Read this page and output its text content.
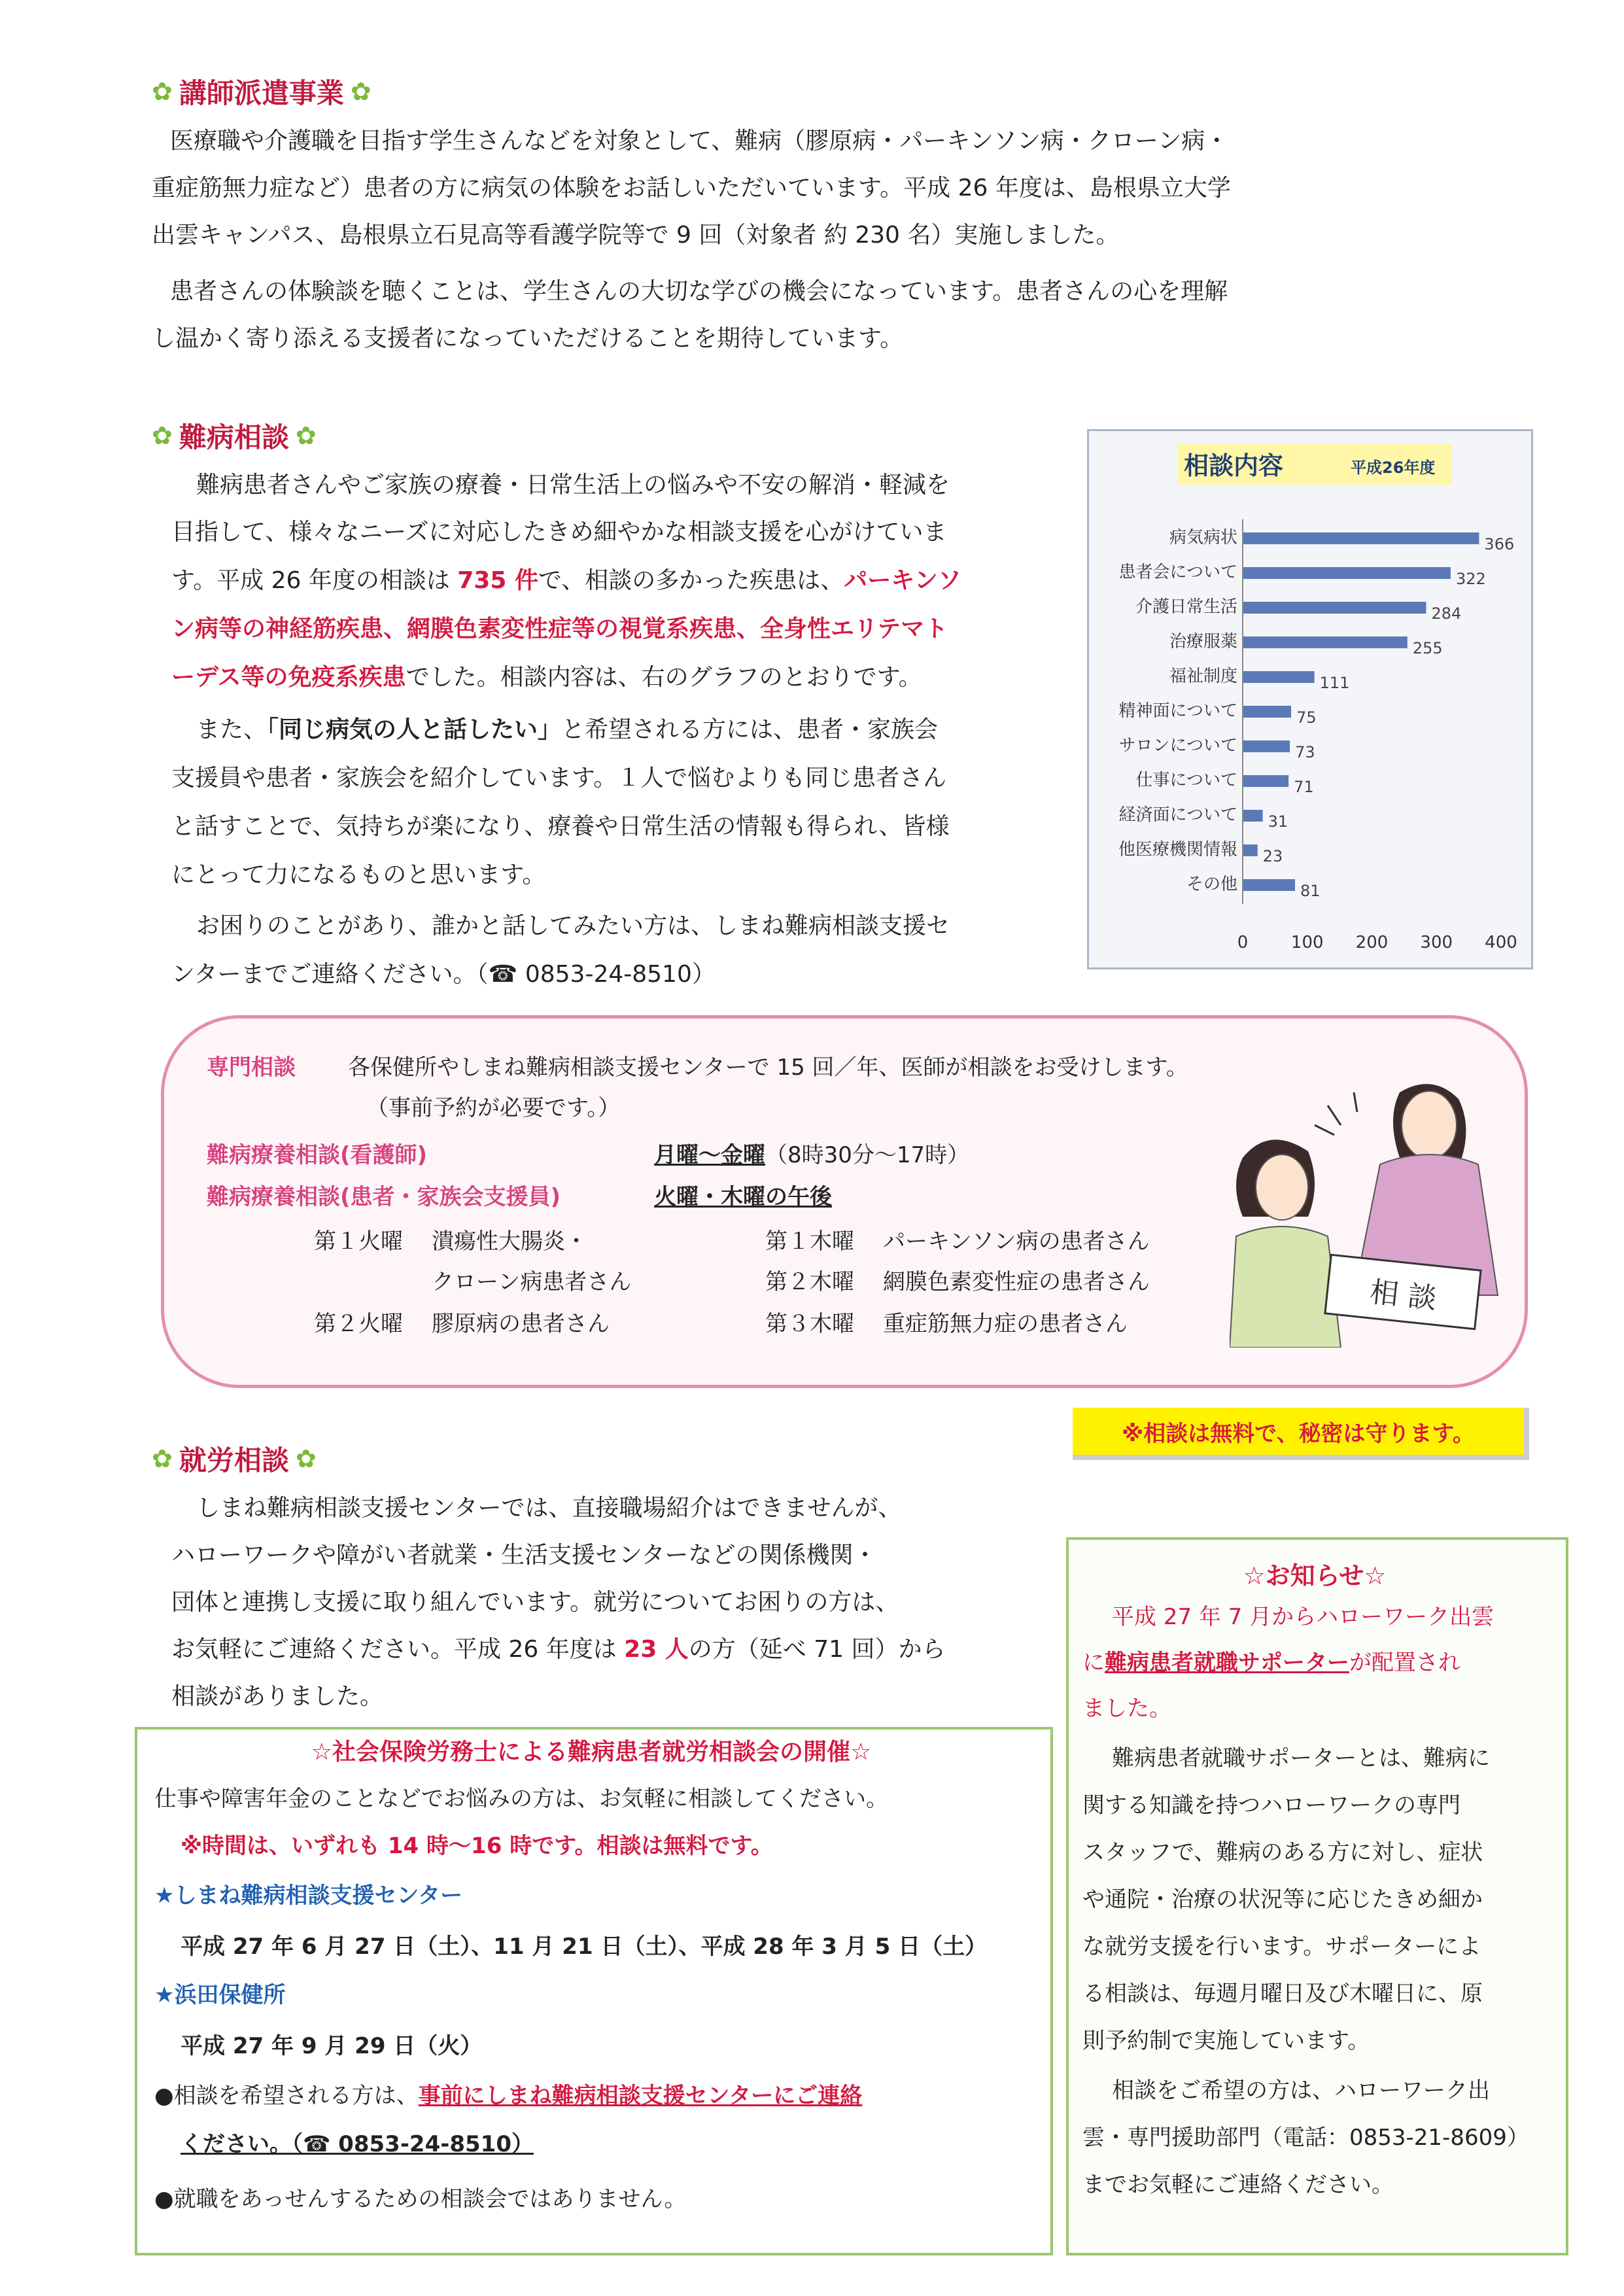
✿ 講師派遣事業 ✿
医療職や介護職を目指す学生さんなどを対象として、難病（膠原病・パーキンソン病・クローン病・
重症筋無力症など）患者の方に病気の体験をお話しいただいています。平成 26 年度は、島根県立大学
出雲キャンパス、島根県立石見高等看護学院等で 9 回（対象者 約 230 名）実施しました。
患者さんの体験談を聴くことは、学生さんの大切な学びの機会になっています。患者さんの心を理解
し温かく寄り添える支援者になっていただけることを期待しています。
✿ 難病相談 ✿
難病患者さんやご家族の療養・日常生活上の悩みや不安の解消・軽減を
目指して、様々なニーズに対応したきめ細やかな相談支援を心がけていま
す。平成 26 年度の相談は 735 件で、相談の多かった疾患は、パーキンソ
ン病等の神経筋疾患、網膜色素変性症等の視覚系疾患、全身性エリテマト
ーデス等の免疫系疾患でした。相談内容は、右のグラフのとおりです。
また、「同じ病気の人と話したい」と希望される方には、患者・家族会
支援員や患者・家族会を紹介しています。１人で悩むよりも同じ患者さん
と話すことで、気持ちが楽になり、療養や日常生活の情報も得られ、皆様
にとって力になるものと思います。
お困りのことがあり、誰かと話してみたい方は、しまね難病相談支援セ
ンターまでご連絡ください。（☎ 0853-24-8510）
相談内容	平成26年度
病気病状	366
患者会について	322
介護日常生活	284
治療服薬	255
福祉制度	111
精神面について	75
サロンについて	73
仕事について	71
経済面について 31
他医療機関情報 23
その他	81
0	100 200 300 400
専門相談 各保健所やしまね難病相談支援センターで 15 回／年、医師が相談をお受けします。
（事前予約が必要です。）
難病療養相談(看護師)	月曜～金曜（8時30分～17時）
難病療養相談(患者・家族会支援員)	火曜・木曜の午後
第１火曜 潰瘍性大腸炎・
クローン病患者さん
第２火曜 膠原病の患者さん
第１木曜 パーキンソン病の患者さん
第２木曜 網膜色素変性症の患者さん
第３木曜 重症筋無力症の患者さん
相 談
※相談は無料で、秘密は守ります。
✿ 就労相談 ✿
しまね難病相談支援センターでは、直接職場紹介はできませんが、
ハローワークや障がい者就業・生活支援センターなどの関係機関・
団体と連携し支援に取り組んでいます。就労についてお困りの方は、
お気軽にご連絡ください。平成 26 年度は 23 人の方（延べ 71 回）から
相談がありました。
☆社会保険労務士による難病患者就労相談会の開催☆
仕事や障害年金のことなどでお悩みの方は、お気軽に相談してください。
※時間は、いずれも 14 時～16 時です。相談は無料です。
★しまね難病相談支援センター
平成 27 年 6 月 27 日（土）、11 月 21 日（土）、平成 28 年 3 月 5 日（土）
★浜田保健所
平成 27 年 9 月 29 日（火）
●相談を希望される方は、事前にしまね難病相談支援センターにご連絡
ください。（☎ 0853-24-8510）
●就職をあっせんするための相談会ではありません。
☆お知らせ☆
平成 27 年 7 月からハローワーク出雲
に難病患者就職サポーターが配置され
ました。
難病患者就職サポーターとは、難病に
関する知識を持つハローワークの専門
スタッフで、難病のある方に対し、症状
や通院・治療の状況等に応じたきめ細か
な就労支援を行います。サポーターによ
る相談は、毎週月曜日及び木曜日に、原
則予約制で実施しています。
相談をご希望の方は、ハローワーク出
雲・専門援助部門（電話：0853-21-8609）
までお気軽にご連絡ください。
